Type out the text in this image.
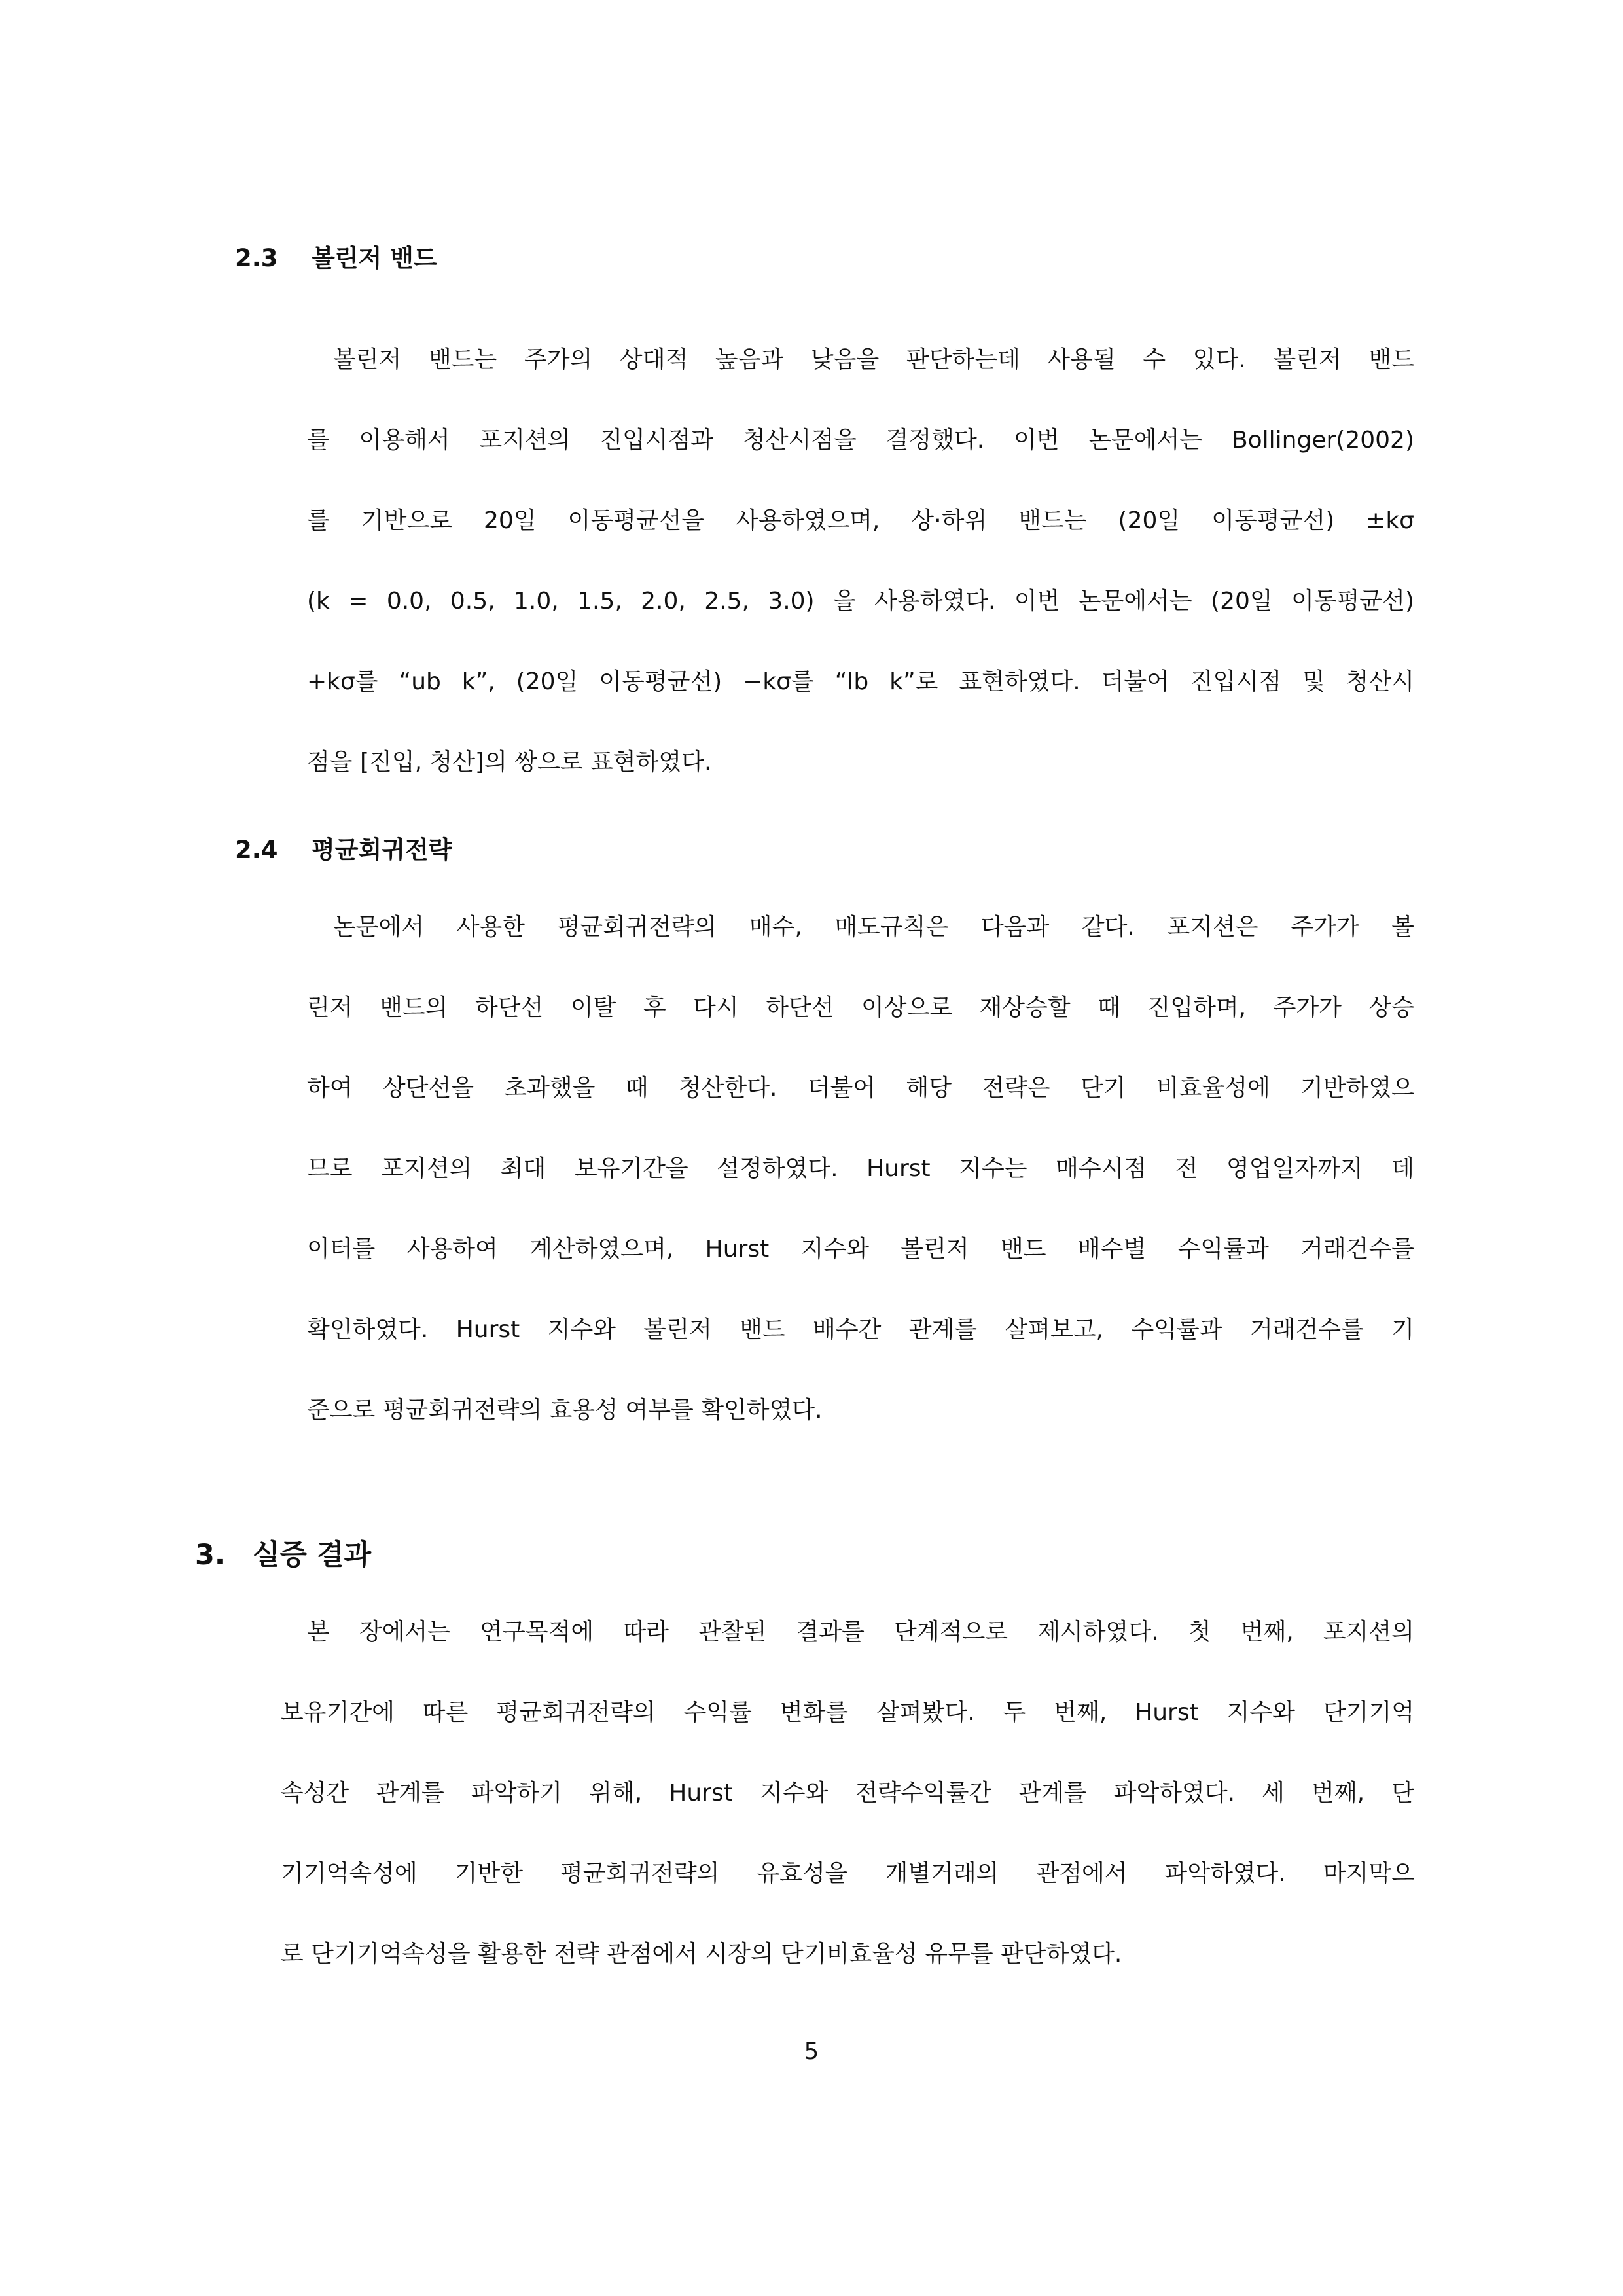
2.3 볼린저 밴드
볼린저 밴드는 주가의 상대적 높음과 낮음을 판단하는데 사용될 수 있다. 볼린저 밴드
를 이용해서 포지션의 진입시점과 청산시점을 결정했다. 이번 논문에서는 Bollinger(2002)
를 기반으로 20일 이동평균선을 사용하였으며, 상·하위 밴드는 (20일 이동평균선) ±kσ
(k = 0.0, 0.5, 1.0, 1.5, 2.0, 2.5, 3.0) 을 사용하였다. 이번 논문에서는 (20일 이동평균선)
+kσ를 “ub k”, (20일 이동평균선) −kσ를 “lb k”로 표현하였다. 더불어 진입시점 및 청산시
점을 [진입, 청산]의 쌍으로 표현하였다.
2.4 평균회귀전략
논문에서 사용한 평균회귀전략의 매수, 매도규칙은 다음과 같다. 포지션은 주가가 볼
린저 밴드의 하단선 이탈 후 다시 하단선 이상으로 재상승할 때 진입하며, 주가가 상승
하여 상단선을 초과했을 때 청산한다. 더불어 해당 전략은 단기 비효율성에 기반하였으
므로 포지션의 최대 보유기간을 설정하였다. Hurst 지수는 매수시점 전 영업일자까지 데
이터를 사용하여 계산하였으며, Hurst 지수와 볼린저 밴드 배수별 수익률과 거래건수를
확인하였다. Hurst 지수와 볼린저 밴드 배수간 관계를 살펴보고, 수익률과 거래건수를 기
준으로 평균회귀전략의 효용성 여부를 확인하였다.
3. 실증 결과
본 장에서는 연구목적에 따라 관찰된 결과를 단계적으로 제시하였다. 첫 번째, 포지션의
보유기간에 따른 평균회귀전략의 수익률 변화를 살펴봤다. 두 번째, Hurst 지수와 단기기억
속성간 관계를 파악하기 위해, Hurst 지수와 전략수익률간 관계를 파악하였다. 세 번째, 단
기기억속성에 기반한 평균회귀전략의 유효성을 개별거래의 관점에서 파악하였다. 마지막으
로 단기기억속성을 활용한 전략 관점에서 시장의 단기비효율성 유무를 판단하였다.
5
